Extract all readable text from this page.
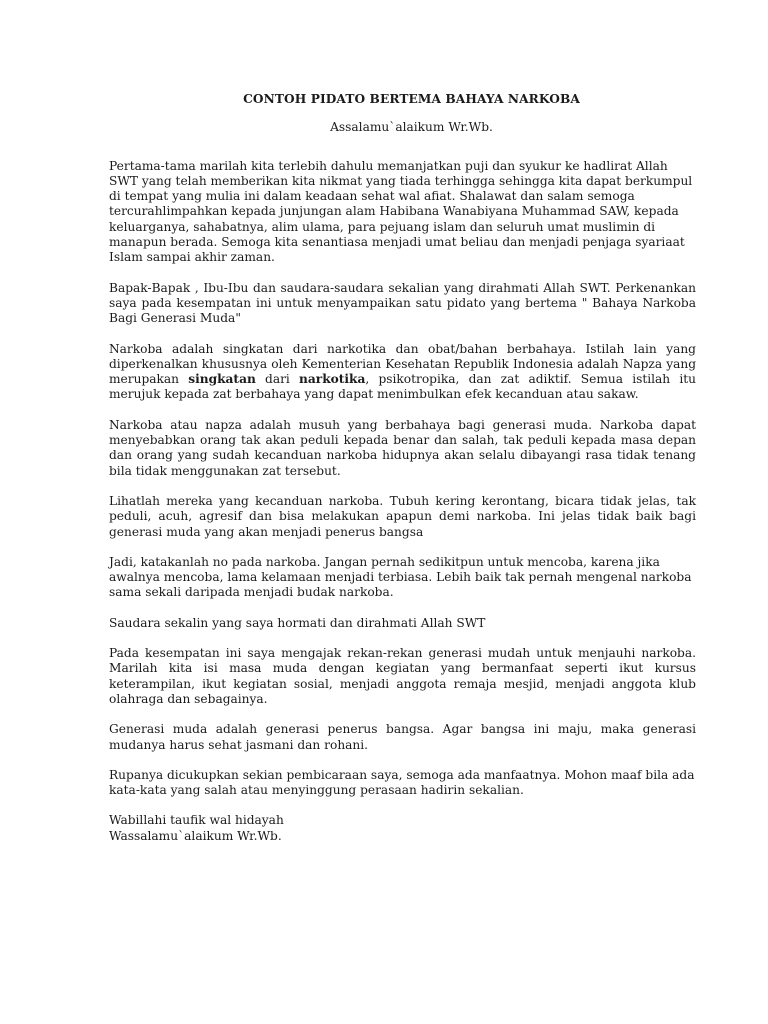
CONTOH PIDATO BERTEMA BAHAYA NARKOBA
Assalamu`alaikum Wr.Wb.

Pertama-tama marilah kita terlebih dahulu memanjatkan puji dan syukur ke hadlirat Allah SWT yang telah memberikan kita nikmat yang tiada terhingga sehingga kita dapat berkumpul di tempat yang mulia ini dalam keadaan sehat wal afiat. Shalawat dan salam semoga tercurahlimpahkan kepada junjungan alam Habibana Wanabiyana Muhammad SAW, kepada keluarganya, sahabatnya, alim ulama, para pejuang islam dan seluruh umat muslimin di manapun berada. Semoga kita senantiasa menjadi umat beliau dan menjadi penjaga syariaat Islam sampai akhir zaman.

Bapak-Bapak , Ibu-Ibu dan saudara-saudara sekalian yang dirahmati Allah SWT. Perkenankan saya pada kesempatan ini untuk menyampaikan satu pidato yang bertema " Bahaya Narkoba Bagi Generasi Muda"

Narkoba adalah singkatan dari narkotika dan obat/bahan berbahaya. Istilah lain yang diperkenalkan khususnya oleh Kementerian Kesehatan Republik Indonesia adalah Napza yang merupakan singkatan dari narkotika, psikotropika, dan zat adiktif. Semua istilah itu merujuk kepada zat berbahaya yang dapat menimbulkan efek kecanduan atau sakaw.

Narkoba atau napza adalah musuh yang berbahaya bagi generasi muda. Narkoba dapat menyebabkan orang tak akan peduli kepada benar dan salah, tak peduli kepada masa depan dan orang yang sudah kecanduan narkoba hidupnya akan selalu dibayangi rasa tidak tenang bila tidak menggunakan zat tersebut.

Lihatlah mereka yang kecanduan narkoba. Tubuh kering kerontang, bicara tidak jelas, tak peduli, acuh, agresif dan bisa melakukan apapun demi narkoba. Ini jelas tidak baik bagi generasi muda yang akan menjadi penerus bangsa

Jadi, katakanlah no pada narkoba. Jangan pernah sedikitpun untuk mencoba, karena jika awalnya mencoba, lama kelamaan menjadi terbiasa. Lebih baik tak pernah mengenal narkoba sama sekali daripada menjadi budak narkoba.

Saudara sekalin yang saya hormati dan dirahmati Allah SWT

Pada kesempatan ini saya mengajak rekan-rekan generasi mudah untuk menjauhi narkoba. Marilah kita isi masa muda dengan kegiatan yang bermanfaat seperti ikut kursus keterampilan, ikut kegiatan sosial, menjadi anggota remaja mesjid, menjadi anggota klub olahraga dan sebagainya.

Generasi muda adalah generasi penerus bangsa. Agar bangsa ini maju, maka generasi mudanya harus sehat jasmani dan rohani.

Rupanya dicukupkan sekian pembicaraan saya, semoga ada manfaatnya. Mohon maaf bila ada kata-kata yang salah atau menyinggung perasaan hadirin sekalian.

Wabillahi taufik wal hidayah
Wassalamu`alaikum Wr.Wb.
